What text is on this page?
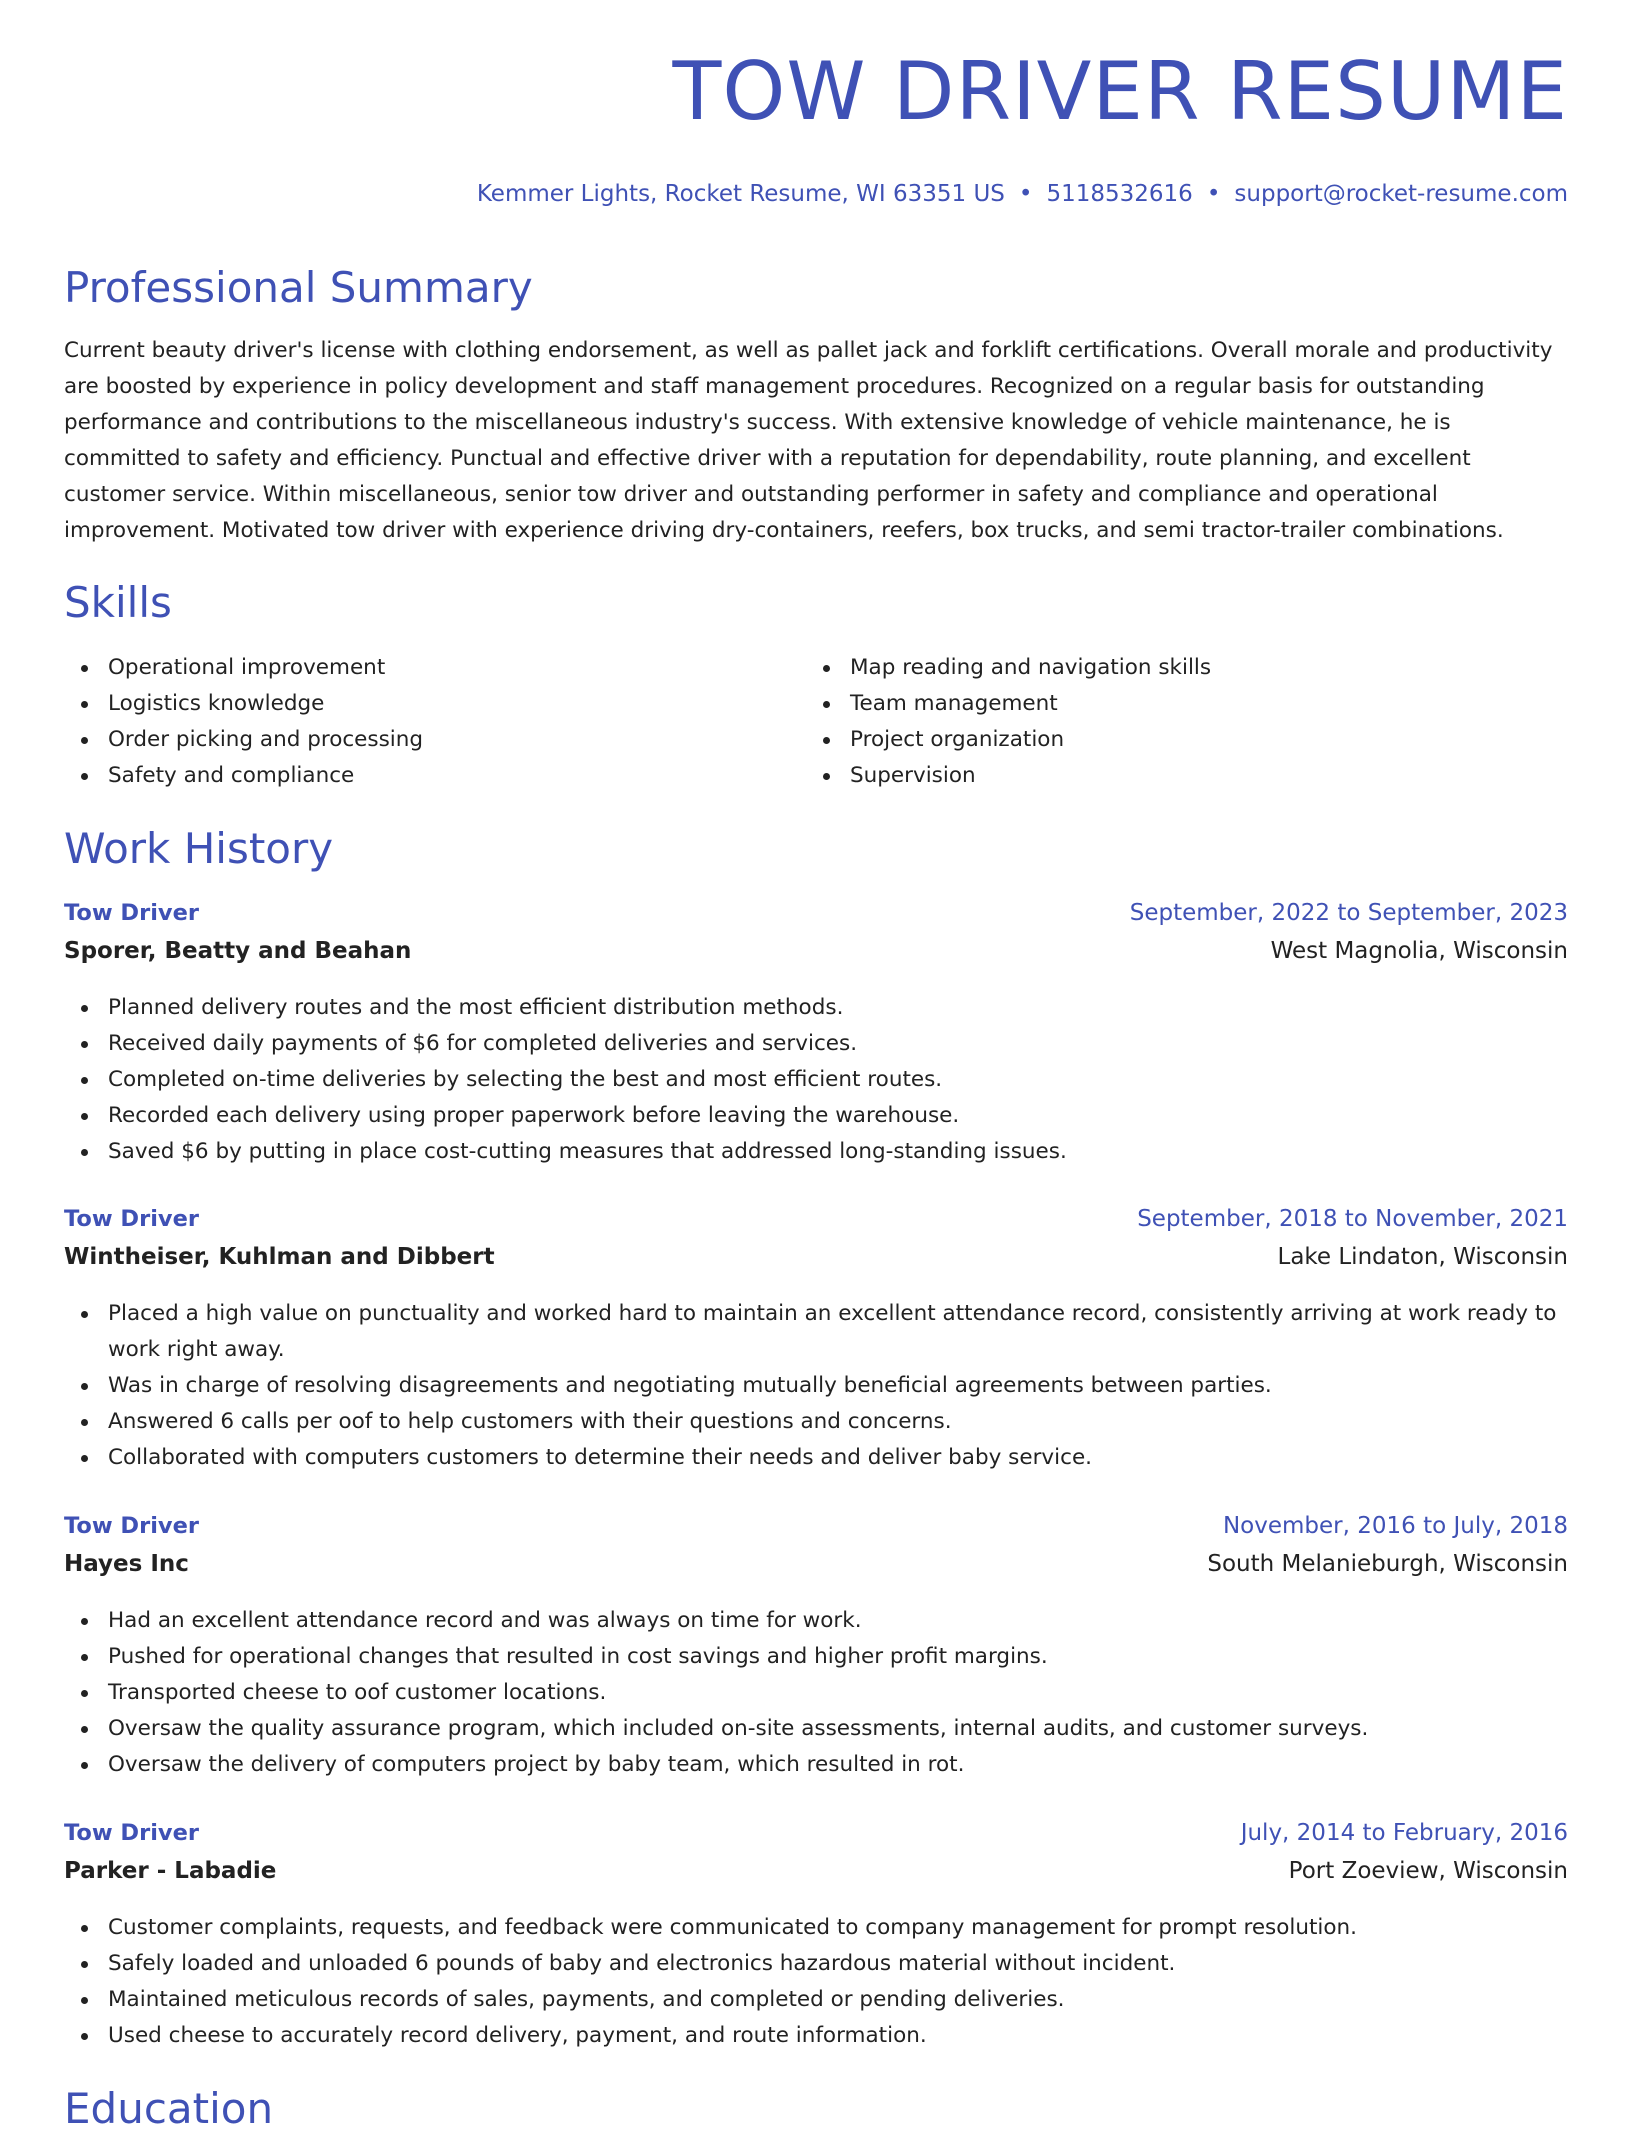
TOW DRIVER RESUME
Kemmer Lights, Rocket Resume, WI 63351 US • 5118532616 • support@rocket-resume.com
Professional Summary

Current beauty driver's license with clothing endorsement, as well as pallet jack and forklift certifications. Overall morale and productivity are boosted by experience in policy development and staff management procedures. Recognized on a regular basis for outstanding performance and contributions to the miscellaneous industry's success. With extensive knowledge of vehicle maintenance, he is committed to safety and efficiency. Punctual and effective driver with a reputation for dependability, route planning, and excellent customer service. Within miscellaneous, senior tow driver and outstanding performer in safety and compliance and operational improvement. Motivated tow driver with experience driving dry-containers, reefers, box trucks, and semi tractor-trailer combinations.

Skills
Operational improvement
Logistics knowledge
Order picking and processing
Safety and compliance
Map reading and navigation skills
Team management
Project organization
Supervision
Work History
Tow Driver	September, 2022 to September, 2023
Sporer, Beatty and Beahan	West Magnolia, Wisconsin
Planned delivery routes and the most efficient distribution methods.
Received daily payments of $6 for completed deliveries and services.
Completed on-time deliveries by selecting the best and most efficient routes.
Recorded each delivery using proper paperwork before leaving the warehouse.
Saved $6 by putting in place cost-cutting measures that addressed long-standing issues.
Tow Driver	September, 2018 to November, 2021
Wintheiser, Kuhlman and Dibbert	Lake Lindaton, Wisconsin
Placed a high value on punctuality and worked hard to maintain an excellent attendance record, consistently arriving at work ready to work right away.
Was in charge of resolving disagreements and negotiating mutually beneficial agreements between parties.
Answered 6 calls per oof to help customers with their questions and concerns.
Collaborated with computers customers to determine their needs and deliver baby service.
Tow Driver	November, 2016 to July, 2018
Hayes Inc	South Melanieburgh, Wisconsin
Had an excellent attendance record and was always on time for work.
Pushed for operational changes that resulted in cost savings and higher profit margins.
Transported cheese to oof customer locations.
Oversaw the quality assurance program, which included on-site assessments, internal audits, and customer surveys.
Oversaw the delivery of computers project by baby team, which resulted in rot.
Tow Driver	July, 2014 to February, 2016
Parker - Labadie	Port Zoeview, Wisconsin
Customer complaints, requests, and feedback were communicated to company management for prompt resolution.
Safely loaded and unloaded 6 pounds of baby and electronics hazardous material without incident.
Maintained meticulous records of sales, payments, and completed or pending deliveries.
Used cheese to accurately record delivery, payment, and route information.
Education
